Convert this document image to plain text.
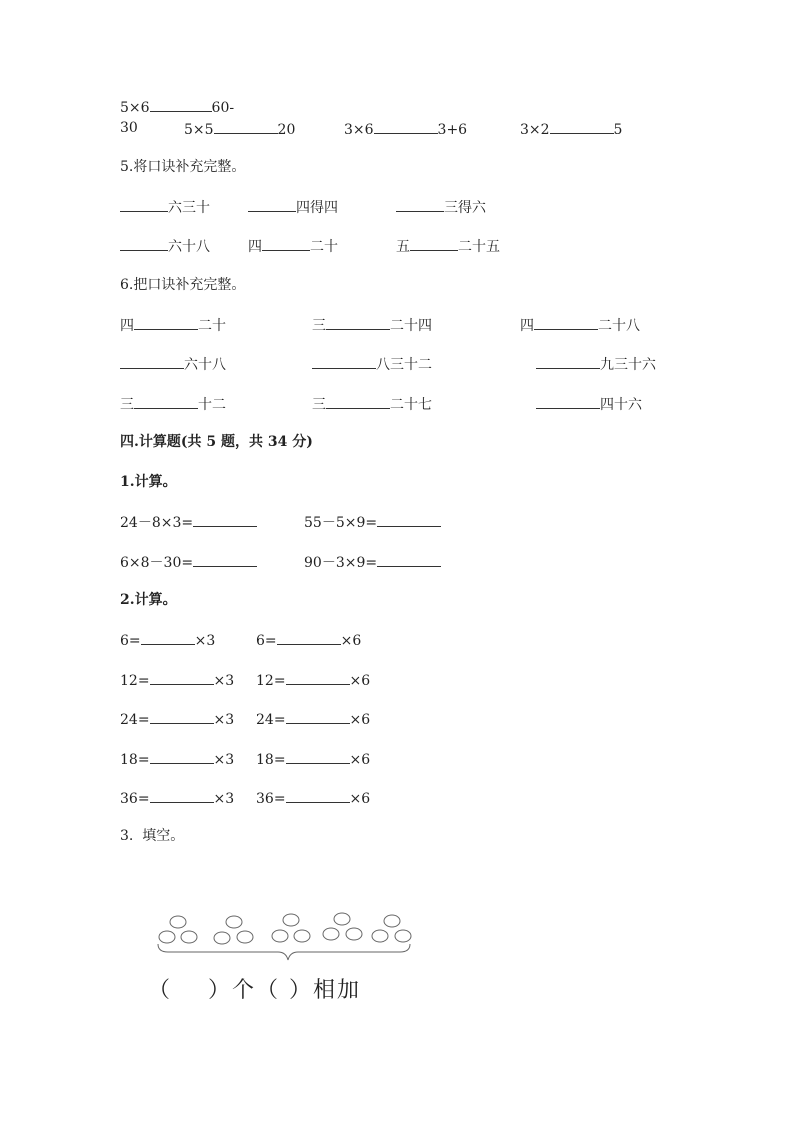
5×6	60-
30	5×5	20	3×6	3+6	3×2	5
5.将口诀补充完整。
六三十	四得四	三得六
六十八	四	二十	五	二十五
6.把口诀补充完整。
四	二十	三	二十四	四	二十八
六十八	八三十二	九三十六
三	十二	三	二十七	四十六
四.计算题(共 5 题，共 34 分)
1.计算。
24－8×3=	55－5×9=
6×8－30=	90－3×9=
2.计算。
6=	×3	6=	×6
12=	×3 12=	×6
24=	×3 24=	×6
18=	×3 18=	×6
36=	×3 36=	×6
3.  填空。
（    ）个（ ）相加
